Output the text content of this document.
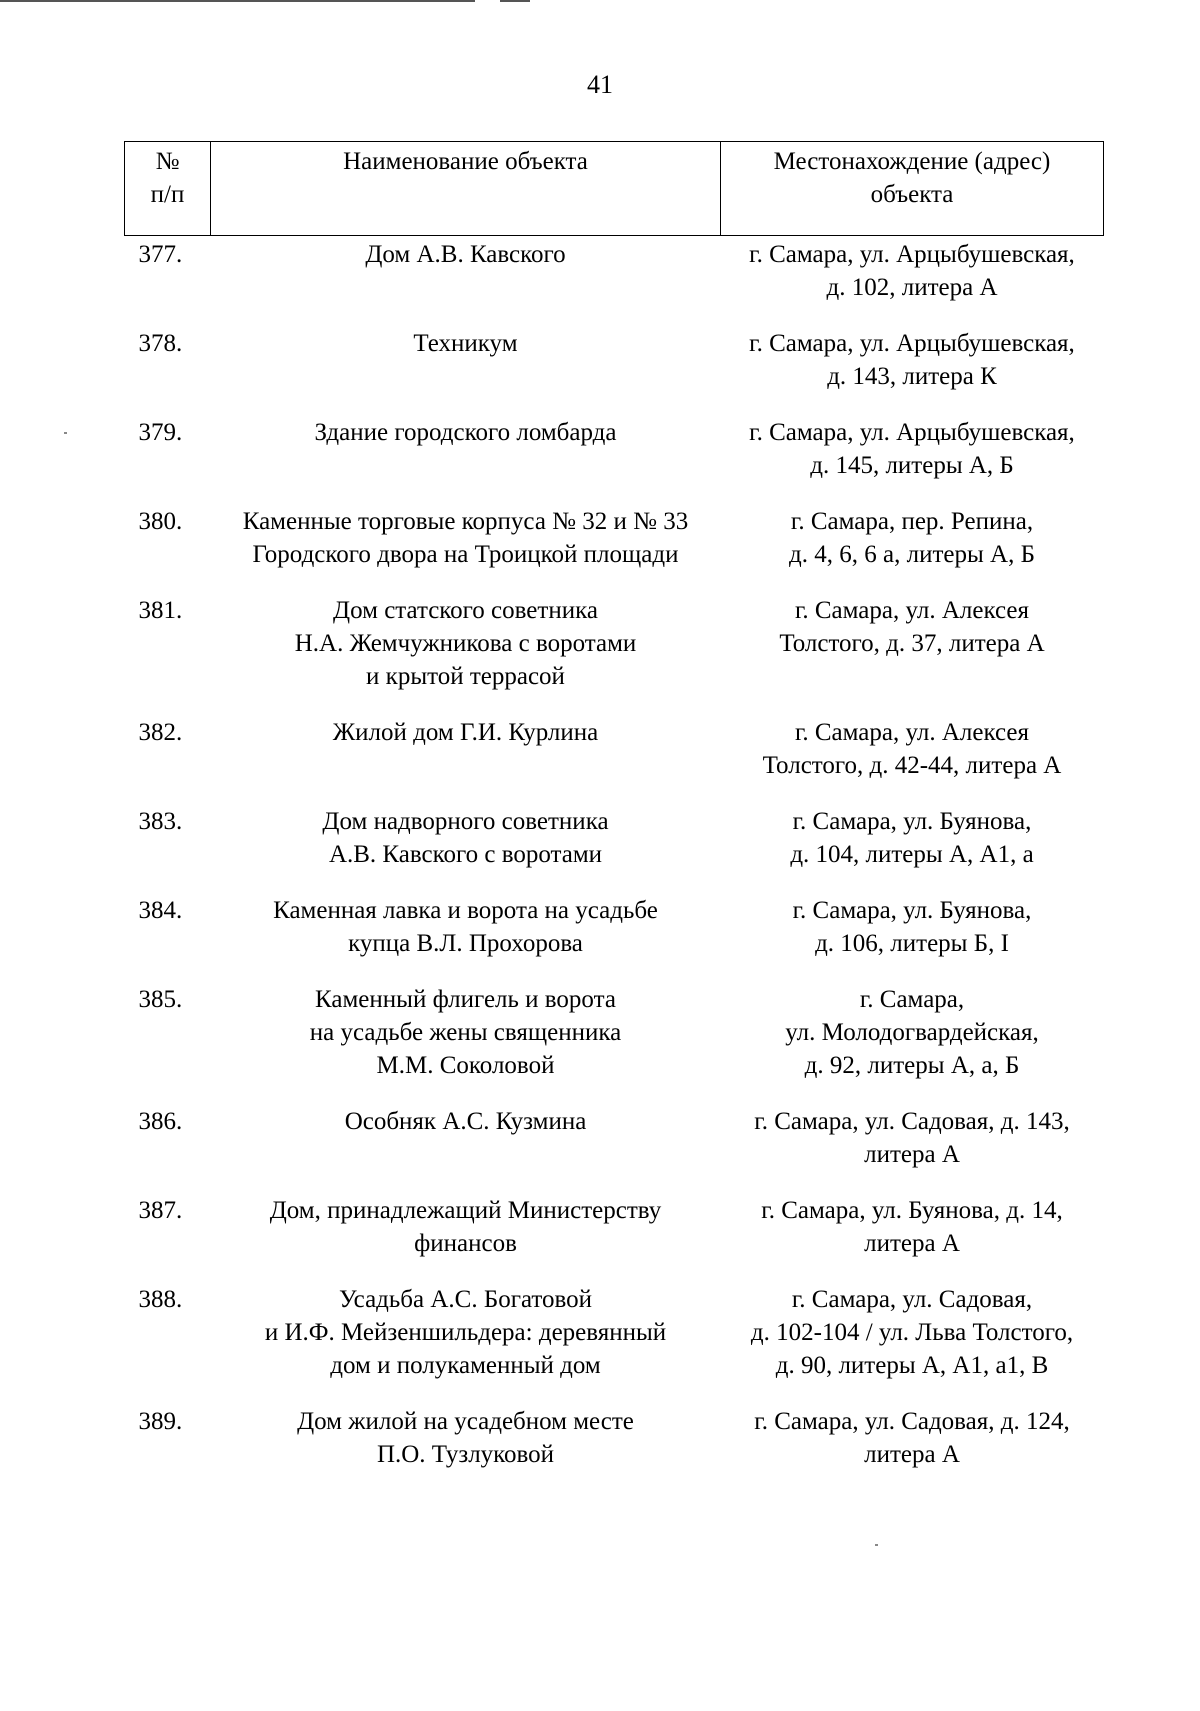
41
№
п/п	Наименование объекта	Местонахождение (адрес)
объекта

377.	Дом А.В. Кавского	г. Самара, ул. Арцыбушевская,
д. 102, литера А

378.	Техникум	г. Самара, ул. Арцыбушевская,
д. 143, литера К

379.	Здание городского ломбарда	г. Самара, ул. Арцыбушевская,
д. 145, литеры А, Б

380.	Каменные торговые корпуса № 32 и № 33
Городского двора на Троицкой площади	г. Самара, пер. Репина,
д. 4, 6, 6 а, литеры А, Б

381.	Дом статского советника
Н.А. Жемчужникова с воротами
и крытой террасой	г. Самара, ул. Алексея
Толстого, д. 37, литера А

382.	Жилой дом Г.И. Курлина	г. Самара, ул. Алексея
Толстого, д. 42-44, литера А

383.	Дом надворного советника
А.В. Кавского с воротами	г. Самара, ул. Буянова,
д. 104, литеры А, А1, а

384.	Каменная лавка и ворота на усадьбе
купца В.Л. Прохорова	г. Самара, ул. Буянова,
д. 106, литеры Б, I

385.	Каменный флигель и ворота
на усадьбе жены священника
М.М. Соколовой	г. Самара,
ул. Молодогвардейская,
д. 92, литеры А, а, Б

386.	Особняк А.С. Кузмина	г. Самара, ул. Садовая, д. 143,
литера А

387.	Дом, принадлежащий Министерству
финансов	г. Самара, ул. Буянова, д. 14,
литера А

388.	Усадьба А.С. Богатовой
и И.Ф. Мейзеншильдера: деревянный
дом и полукаменный дом	г. Самара, ул. Садовая,
д. 102-104 / ул. Льва Толстого,
д. 90, литеры А, А1, а1, В

389.	Дом жилой на усадебном месте
П.О. Тузлуковой	г. Самара, ул. Садовая, д. 124,
литера А
